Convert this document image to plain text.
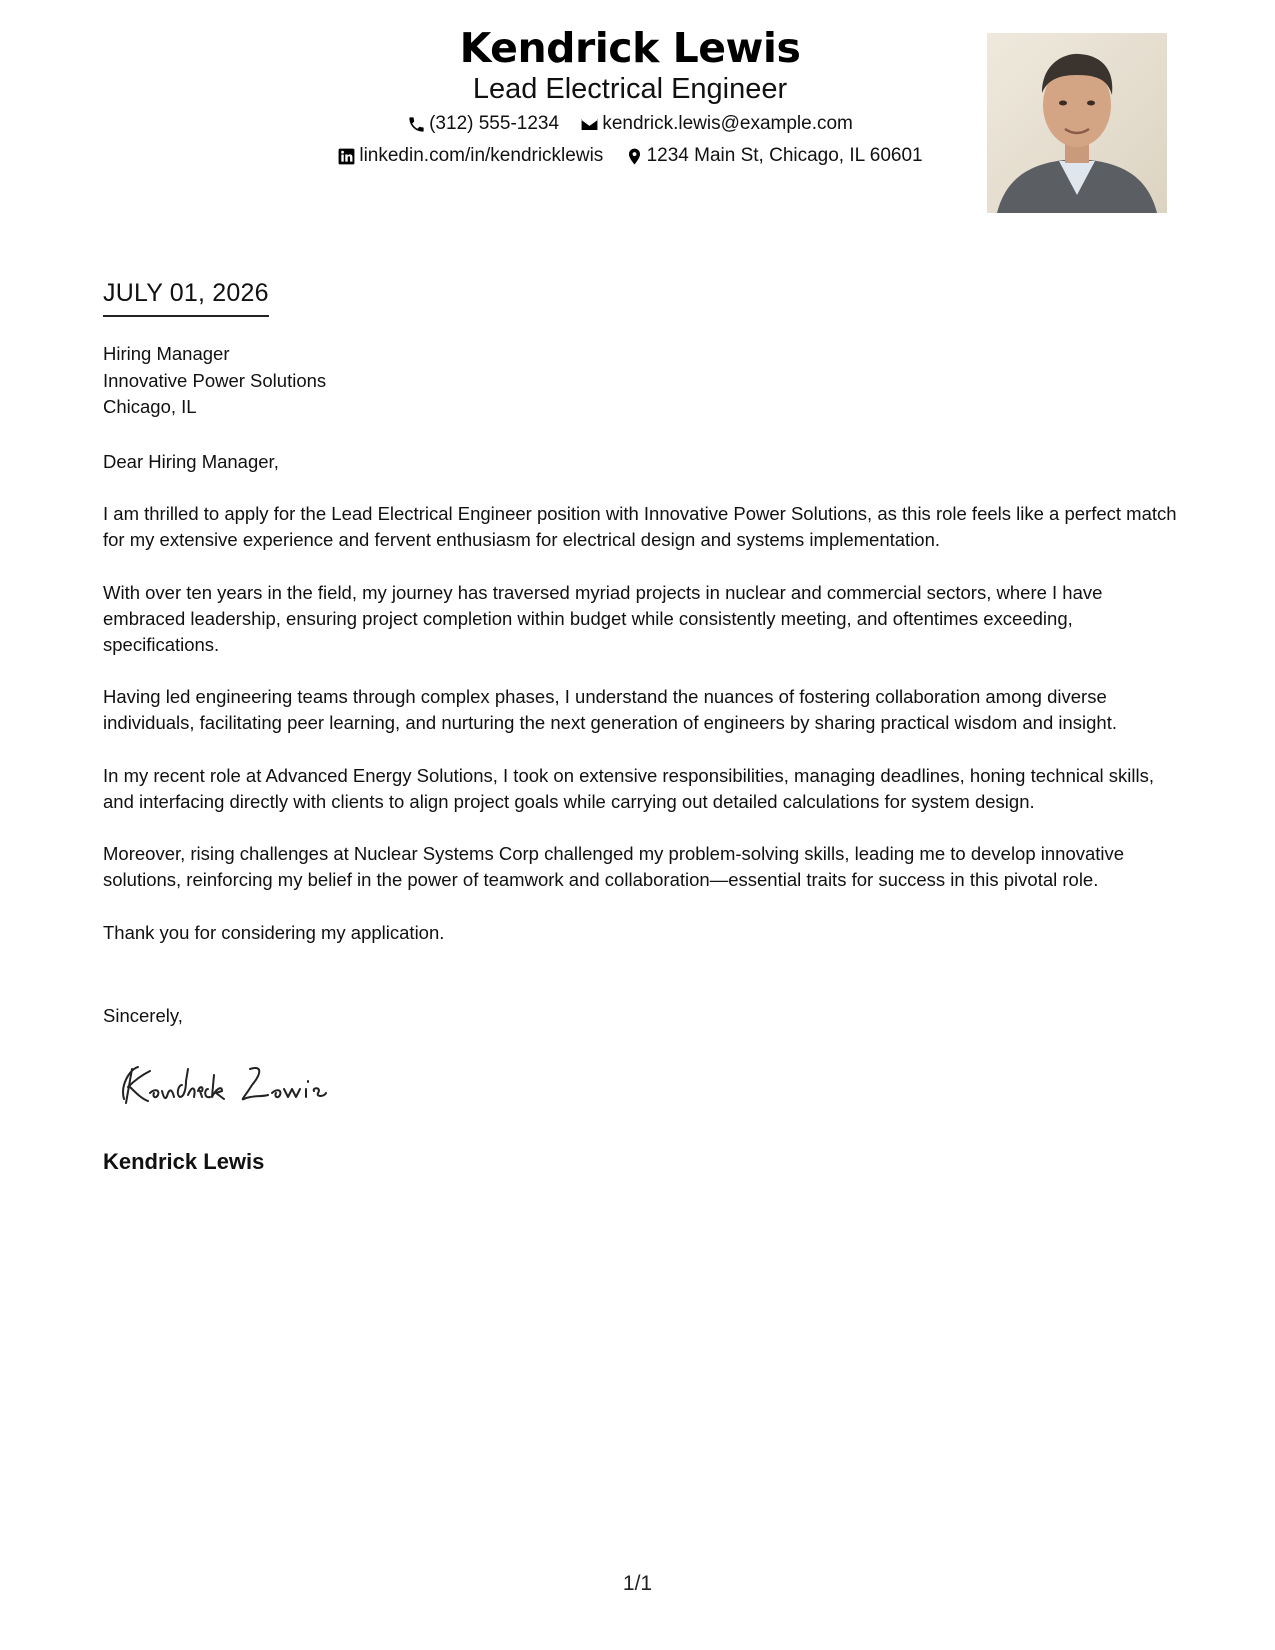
Kendrick Lewis
Lead Electrical Engineer
(312) 555-1234
kendrick.lewis@example.com
linkedin.com/in/kendricklewis
1234 Main St, Chicago, IL 60601
JULY 01, 2026
Hiring Manager
Innovative Power Solutions
Chicago, IL

Dear Hiring Manager,

I am thrilled to apply for the Lead Electrical Engineer position with Innovative Power Solutions, as this role feels like a perfect match for my extensive experience and fervent enthusiasm for electrical design and systems implementation.

With over ten years in the field, my journey has traversed myriad projects in nuclear and commercial sectors, where I have embraced leadership, ensuring project completion within budget while consistently meeting, and oftentimes exceeding, specifications.

Having led engineering teams through complex phases, I understand the nuances of fostering collaboration among diverse individuals, facilitating peer learning, and nurturing the next generation of engineers by sharing practical wisdom and insight.

In my recent role at Advanced Energy Solutions, I took on extensive responsibilities, managing deadlines, honing technical skills, and interfacing directly with clients to align project goals while carrying out detailed calculations for system design.

Moreover, rising challenges at Nuclear Systems Corp challenged my problem-solving skills, leading me to develop innovative solutions, reinforcing my belief in the power of teamwork and collaboration—essential traits for success in this pivotal role.

Thank you for considering my application.

Sincerely,
Kendrick Lewis
1/1
